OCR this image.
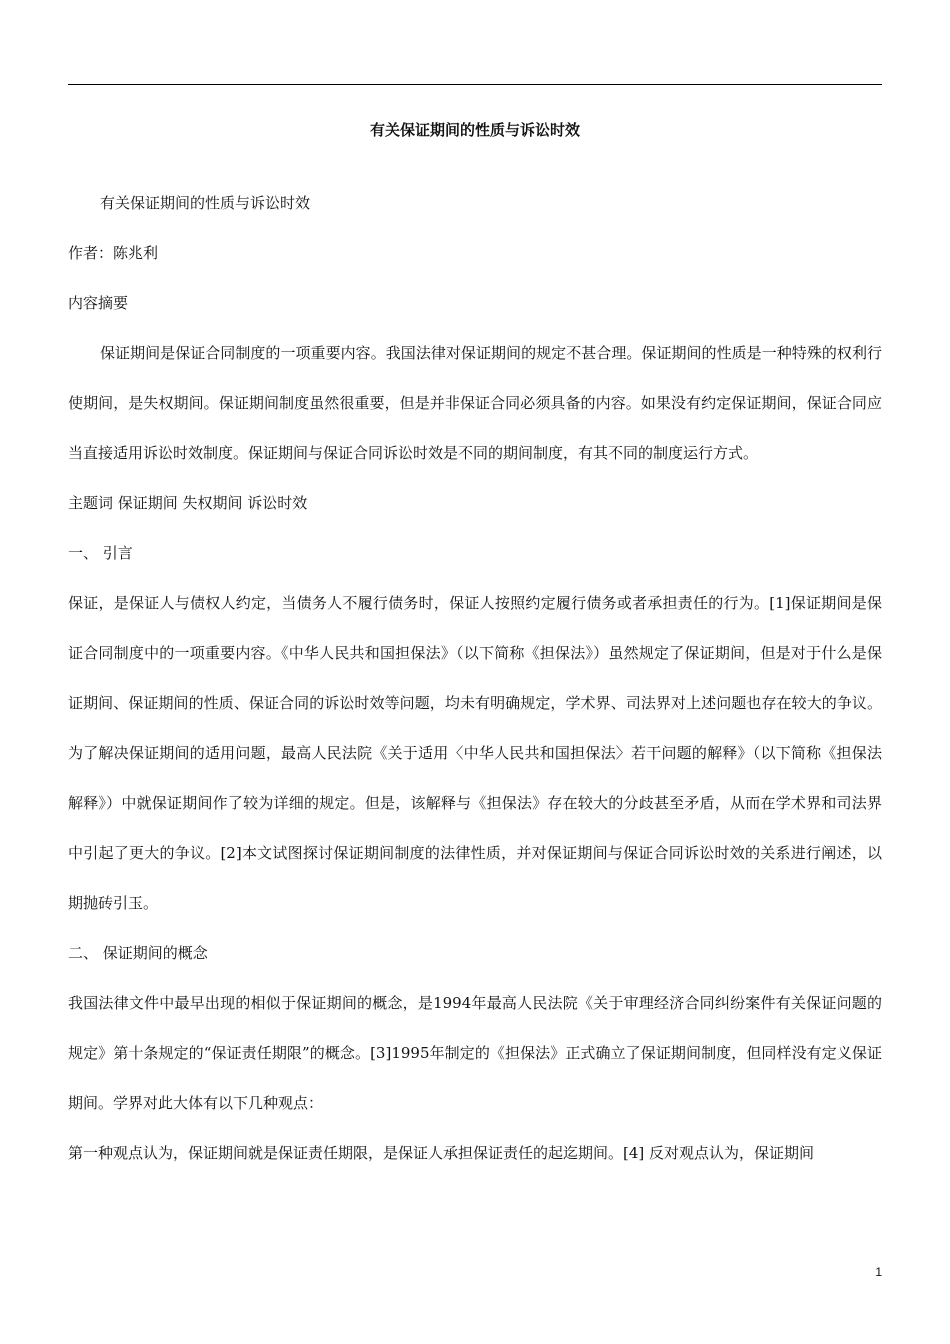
有关保证期间的性质与诉讼时效

有关保证期间的性质与诉讼时效

作者：陈兆利

内容摘要

保证期间是保证合同制度的一项重要内容。我国法律对保证期间的规定不甚合理。保证期间的性质是一种特殊的权利行使期间，是失权期间。保证期间制度虽然很重要，但是并非保证合同必须具备的内容。如果没有约定保证期间，保证合同应当直接适用诉讼时效制度。保证期间与保证合同诉讼时效是不同的期间制度，有其不同的制度运行方式。

主题词 保证期间 失权期间 诉讼时效

一、 引言

保证，是保证人与债权人约定，当债务人不履行债务时，保证人按照约定履行债务或者承担责任的行为。[1]保证期间是保证合同制度中的一项重要内容。《中华人民共和国担保法》（以下简称《担保法》）虽然规定了保证期间，但是对于什么是保证期间、保证期间的性质、保证合同的诉讼时效等问题，均未有明确规定，学术界、司法界对上述问题也存在较大的争议。为了解决保证期间的适用问题，最高人民法院《关于适用〈中华人民共和国担保法〉若干问题的解释》（以下简称《担保法解释》）中就保证期间作了较为详细的规定。但是，该解释与《担保法》存在较大的分歧甚至矛盾，从而在学术界和司法界中引起了更大的争议。[2]本文试图探讨保证期间制度的法律性质，并对保证期间与保证合同诉讼时效的关系进行阐述，以期抛砖引玉。

二、 保证期间的概念

我国法律文件中最早出现的相似于保证期间的概念，是1994年最高人民法院《关于审理经济合同纠纷案件有关保证问题的规定》第十条规定的“保证责任期限”的概念。[3]1995年制定的《担保法》正式确立了保证期间制度，但同样没有定义保证期间。学界对此大体有以下几种观点：

第一种观点认为，保证期间就是保证责任期限，是保证人承担保证责任的起迄期间。[4] 反对观点认为，保证期间

1
